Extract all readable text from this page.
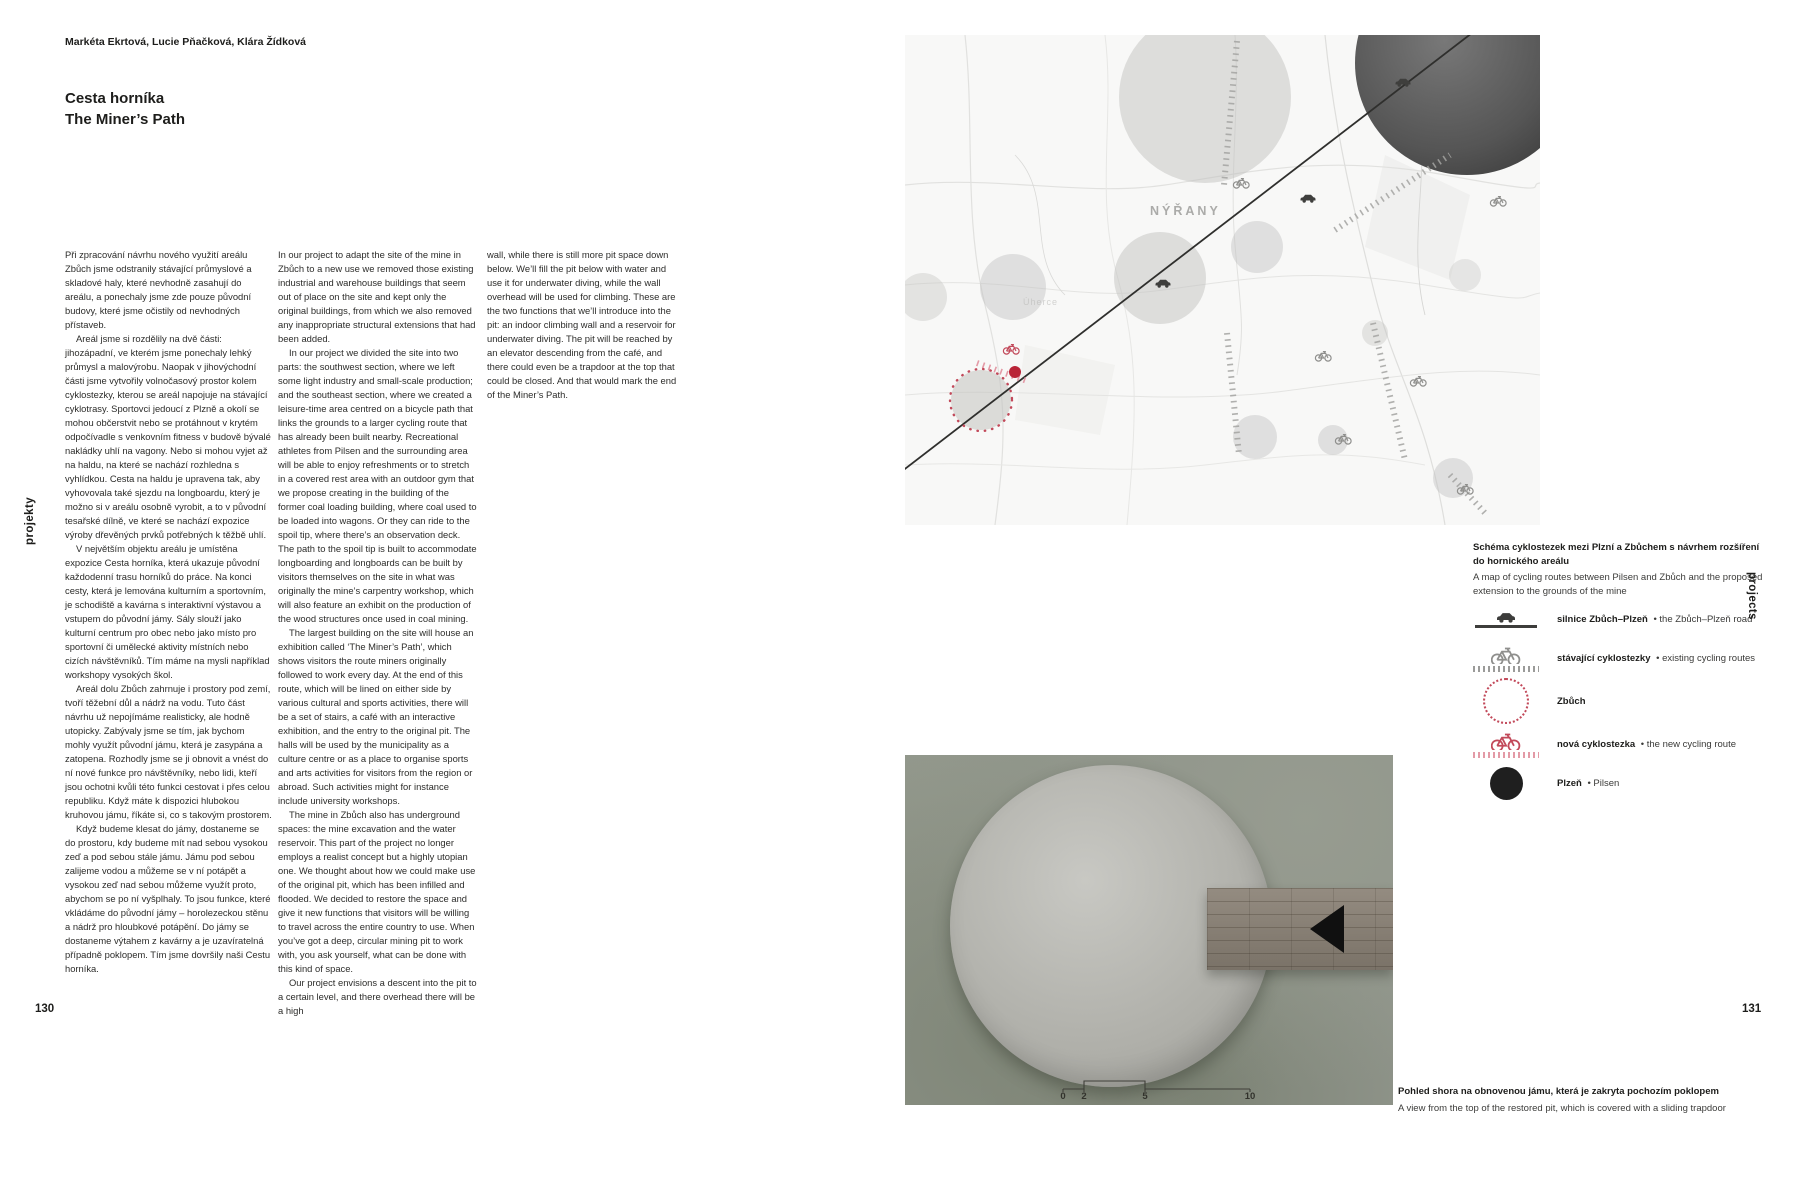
Markéta Ekrtová, Lucie Pňačková, Klára Žídková
Cesta horníka
The Miner’s Path

Při zpracování návrhu nového využití areálu Zbůch jsme odstranily stávající průmyslové a skladové haly, které nevhodně zasahují do areálu, a ponechaly jsme zde pouze původní budovy, které jsme očistily od nevhodných přístaveb.

Areál jsme si rozdělily na dvě části: jihozápadní, ve kterém jsme ponechaly lehký průmysl a malovýrobu. Naopak v jihovýchodní části jsme vytvořily volnočasový prostor kolem cyklostezky, kterou se areál napojuje na stávající cyklotrasy. Sportovci jedoucí z Plzně a okolí se mohou občerstvit nebo se protáhnout v krytém odpočívadle s venkovním fitness v budově bývalé nakládky uhlí na vagony. Nebo si mohou vyjet až na haldu, na které se nachází rozhledna s vyhlídkou. Cesta na haldu je upravena tak, aby vyhovovala také sjezdu na longboardu, který je možno si v areálu osobně vyrobit, a to v původní tesařské dílně, ve které se nachází expozice výroby dřevěných prvků potřebných k těžbě uhlí.

V největším objektu areálu je umístěna expozice Cesta horníka, která ukazuje původní každodenní trasu horníků do práce. Na konci cesty, která je lemována kulturním a sportovním, je schodiště a kavárna s interaktivní výstavou a vstupem do původní jámy. Sály slouží jako kulturní centrum pro obec nebo jako místo pro sportovní či umělecké aktivity místních nebo cizích návštěvníků. Tím máme na mysli například workshopy vysokých škol.

Areál dolu Zbůch zahrnuje i prostory pod zemí, tvoří těžební důl a nádrž na vodu. Tuto část návrhu už nepojímáme realisticky, ale hodně utopicky. Zabývaly jsme se tím, jak bychom mohly využít původní jámu, která je zasypána a zatopena. Rozhodly jsme se ji obnovit a vnést do ní nové funkce pro návštěvníky, nebo lidi, kteří jsou ochotni kvůli této funkci cestovat i přes celou republiku. Když máte k dispozici hlubokou kruhovou jámu, říkáte si, co s takovým prostorem.

Když budeme klesat do jámy, dostaneme se do prostoru, kdy budeme mít nad sebou vysokou zeď a pod sebou stále jámu. Jámu pod sebou zalijeme vodou a můžeme se v ní potápět a vysokou zeď nad sebou můžeme využít proto, abychom se po ní vyšplhaly. To jsou funkce, které vkládáme do původní jámy – horolezeckou stěnu a nádrž pro hloubkové potápění. Do jámy se dostaneme výtahem z kavárny a je uzavíratelná případně poklopem. Tím jsme dovršily naši Cestu horníka.

In our project to adapt the site of the mine in Zbůch to a new use we removed those existing industrial and warehouse buildings that seem out of place on the site and kept only the original buildings, from which we also removed any inappropriate structural extensions that had been added.

In our project we divided the site into two parts: the southwest section, where we left some light industry and small-scale production; and the southeast section, where we created a leisure-time area centred on a bicycle path that links the grounds to a larger cycling route that has already been built nearby. Recreational athletes from Pilsen and the surrounding area will be able to enjoy refreshments or to stretch in a covered rest area with an outdoor gym that we propose creating in the building of the former coal loading building, where coal used to be loaded into wagons. Or they can ride to the spoil tip, where there’s an observation deck. The path to the spoil tip is built to accommodate longboarding and longboards can be built by visitors themselves on the site in what was originally the mine’s carpentry workshop, which will also feature an exhibit on the production of the wood structures once used in coal mining.

The largest building on the site will house an exhibition called ‘The Miner’s Path’, which shows visitors the route miners originally followed to work every day. At the end of this route, which will be lined on either side by various cultural and sports activities, there will be a set of stairs, a café with an interactive exhibition, and the entry to the original pit. The halls will be used by the municipality as a culture centre or as a place to organise sports and arts activities for visitors from the region or abroad. Such activities might for instance include university workshops.

The mine in Zbůch also has underground spaces: the mine excavation and the water reservoir. This part of the project no longer employs a realist concept but a highly utopian one. We thought about how we could make use of the original pit, which has been infilled and flooded. We decided to restore the space and give it new functions that visitors will be willing to travel across the entire country to use. When you’ve got a deep, circular mining pit to work with, you ask yourself, what can be done with this kind of space.

Our project envisions a descent into the pit to a certain level, and there overhead there will be a high

wall, while there is still more pit space down below. We’ll fill the pit below with water and use it for underwater diving, while the wall overhead will be used for climbing. These are the two functions that we’ll introduce into the pit: an indoor climbing wall and a reservoir for underwater diving. The pit will be reached by an elevator descending from the café, and there could even be a trapdoor at the top that could be closed. And that would mark the end of the Miner’s Path.

projekty
130
NÝŘANY
Úherce
Schéma cyklostezek mezi Plzní a Zbůchem s návrhem rozšíření do hornického areálu
A map of cycling routes between Pilsen and Zbůch and the proposed extension to the grounds of the mine
silnice Zbůch–Plzeň • the Zbůch–Plzeň road
stávající cyklostezky • existing cycling routes
Zbůch
nová cyklostezka • the new cycling route
Plzeň • Pilsen
0 2	5	10	Pohled shora na obnovenou jámu, která je zakryta pochozím poklopem
A view from the top of the restored pit, which is covered with a sliding trapdoor
projects
131
